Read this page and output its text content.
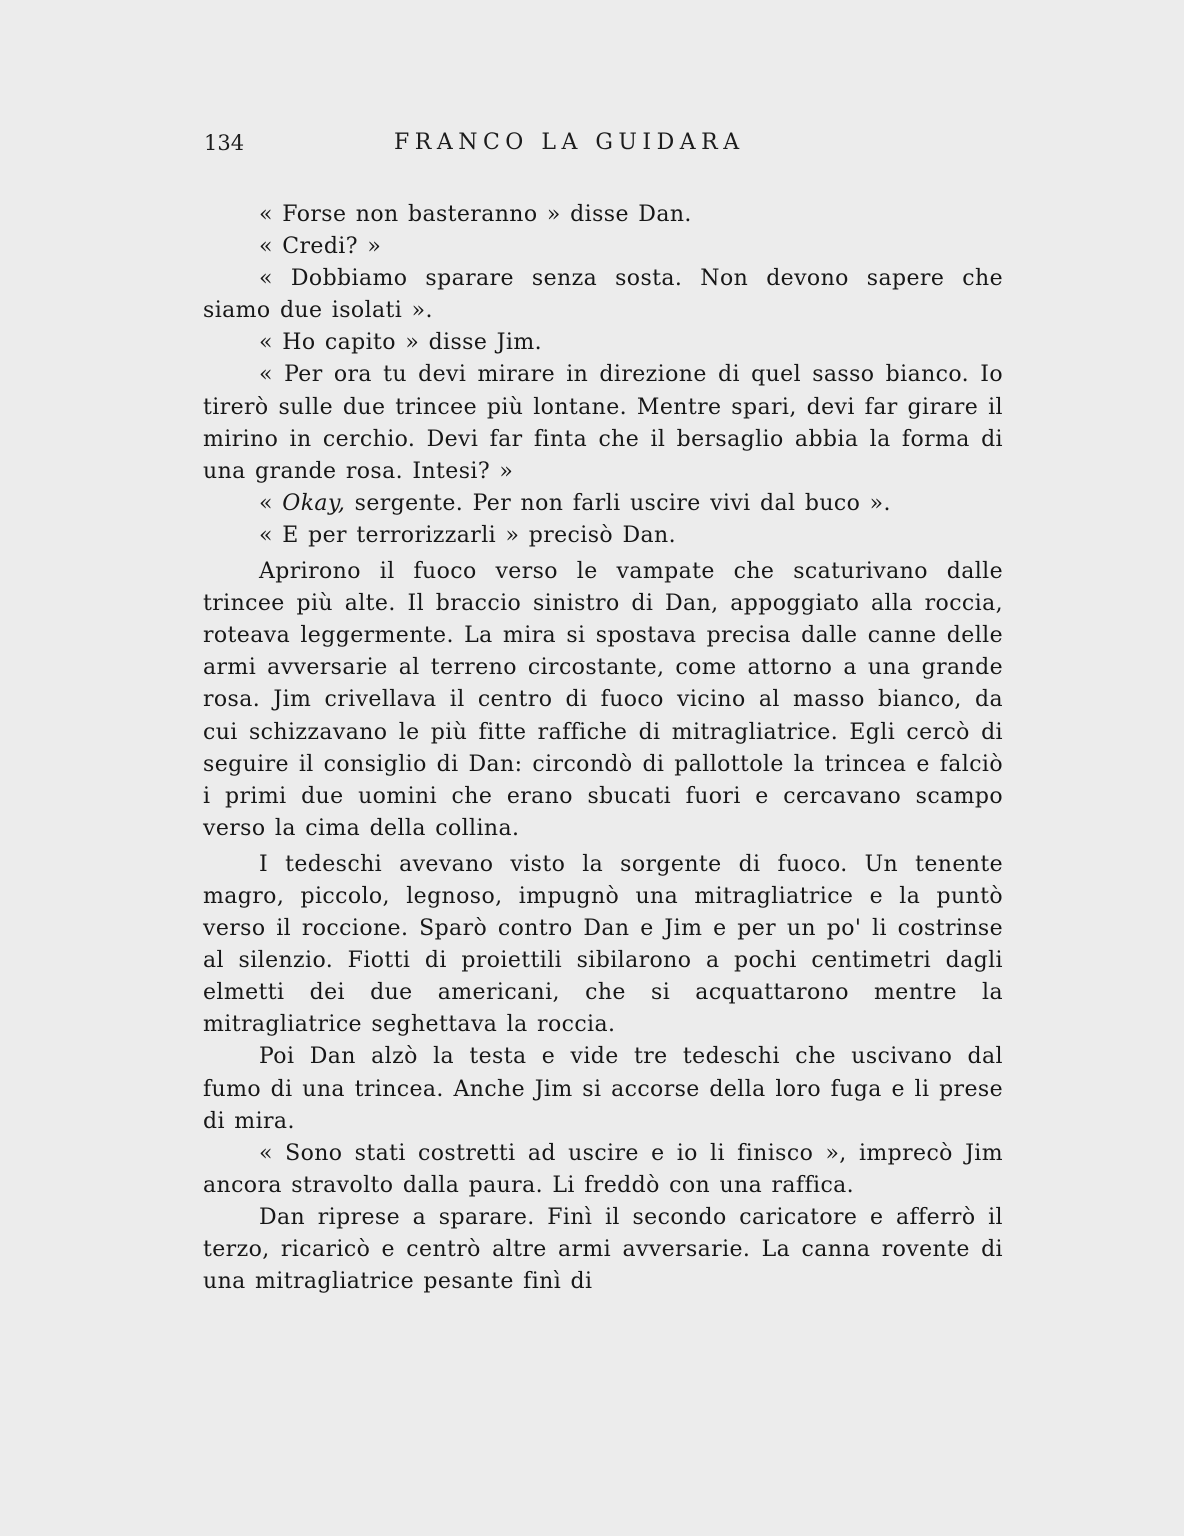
134	FRANCO LA GUIDARA

« Forse non basteranno » disse Dan.

« Credi? »

« Dobbiamo sparare senza sosta. Non devono sapere che siamo due isolati ».

« Ho capito » disse Jim.

« Per ora tu devi mirare in direzione di quel sasso bianco. Io tirerò sulle due trincee più lontane. Mentre spari, devi far girare il mirino in cerchio. Devi far finta che il bersaglio abbia la forma di una grande rosa. Intesi? »

« Okay, sergente. Per non farli uscire vivi dal buco ».

« E per terrorizzarli » precisò Dan.

Aprirono il fuoco verso le vampate che scaturivano dalle trincee più alte. Il braccio sinistro di Dan, appoggiato alla roccia, roteava leggermente. La mira si spostava precisa dalle canne delle armi avversarie al terreno circostante, come attorno a una grande rosa. Jim crivellava il centro di fuoco vicino al masso bianco, da cui schizzavano le più fitte raffiche di mitragliatrice. Egli cercò di seguire il consiglio di Dan: circondò di pallottole la trincea e falciò i primi due uomini che erano sbucati fuori e cercavano scampo verso la cima della collina.

I tedeschi avevano visto la sorgente di fuoco. Un tenente magro, piccolo, legnoso, impugnò una mitragliatrice e la puntò verso il roccione. Sparò contro Dan e Jim e per un po' li costrinse al silenzio. Fiotti di proiettili sibilarono a pochi centimetri dagli elmetti dei due americani, che si acquattarono mentre la mitragliatrice seghettava la roccia.

Poi Dan alzò la testa e vide tre tedeschi che uscivano dal fumo di una trincea. Anche Jim si accorse della loro fuga e li prese di mira.

« Sono stati costretti ad uscire e io li finisco », imprecò Jim ancora stravolto dalla paura. Li freddò con una raffica.

Dan riprese a sparare. Finì il secondo caricatore e afferrò il terzo, ricaricò e centrò altre armi avversarie. La canna rovente di una mitragliatrice pesante finì di
